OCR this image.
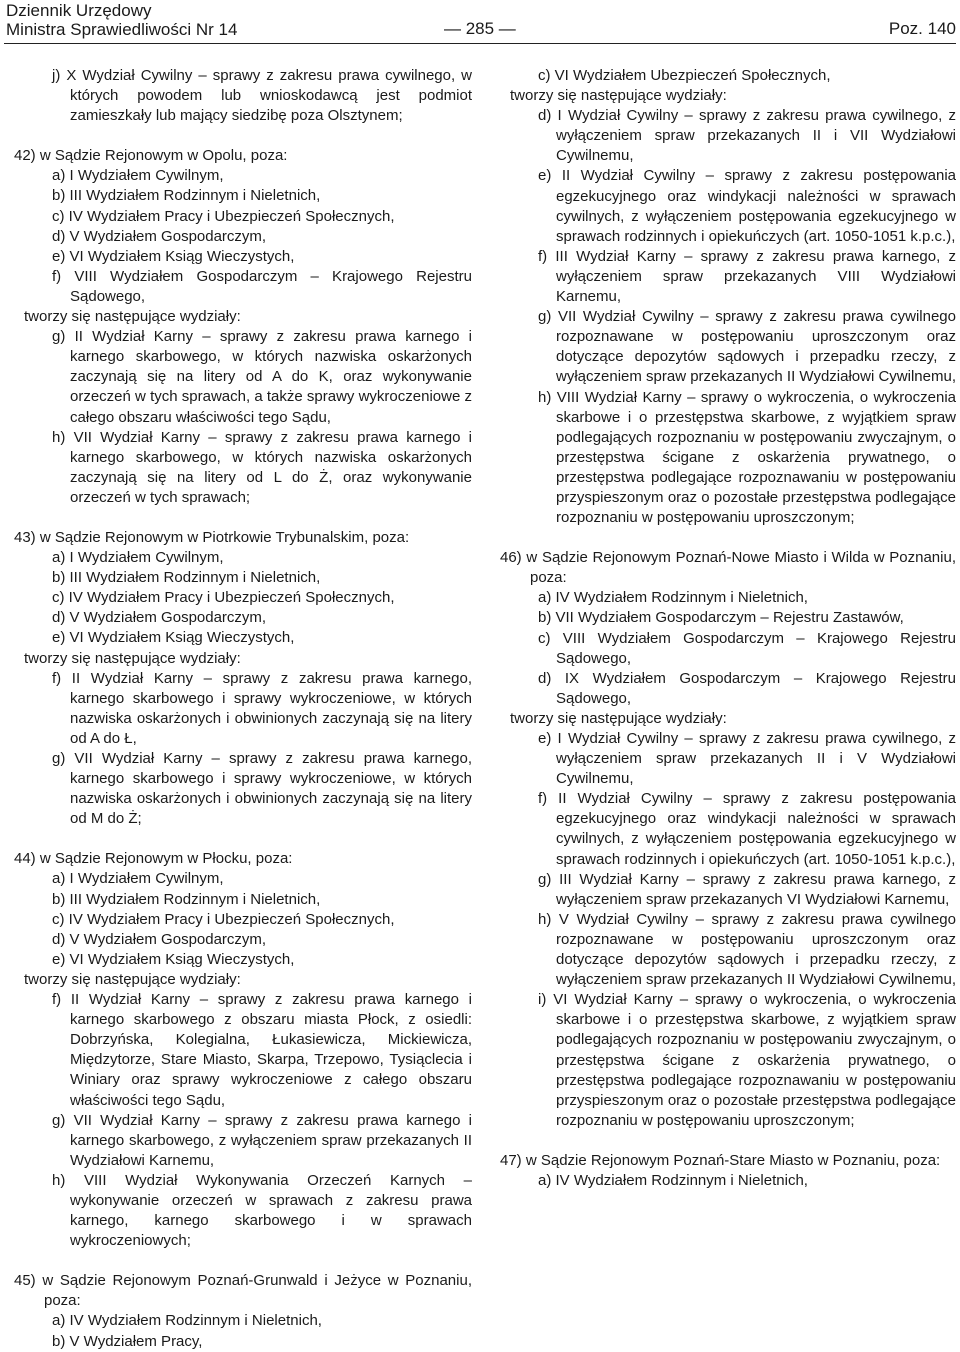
Dziennik Urzędowy
Ministra Sprawiedliwości Nr 14	— 285 —	Poz. 140

j) X Wydział Cywilny – sprawy z zakresu prawa cywilnego, w których powodem lub wnioskodawcą jest podmiot zamieszkały lub mający siedzibę poza Olsztynem;

42) w Sądzie Rejonowym w Opolu, poza:

a) I Wydziałem Cywilnym,

b) III Wydziałem Rodzinnym i Nieletnich,

c) IV Wydziałem Pracy i Ubezpieczeń Społecznych,

d) V Wydziałem Gospodarczym,

e) VI Wydziałem Ksiąg Wieczystych,

f) VIII Wydziałem Gospodarczym – Krajowego Rejestru Sądowego,

tworzy się następujące wydziały:

g) II Wydział Karny – sprawy z zakresu prawa karnego i karnego skarbowego, w których nazwiska oskarżonych zaczynają się na litery od A do K, oraz wykonywanie orzeczeń w tych sprawach, a także sprawy wykroczeniowe z całego obszaru właściwości tego Sądu,

h) VII Wydział Karny – sprawy z zakresu prawa karnego i karnego skarbowego, w których nazwiska oskarżonych zaczynają się na litery od L do Ż, oraz wykonywanie orzeczeń w tych sprawach;

43) w Sądzie Rejonowym w Piotrkowie Trybunalskim, poza:

a) I Wydziałem Cywilnym,

b) III Wydziałem Rodzinnym i Nieletnich,

c) IV Wydziałem Pracy i Ubezpieczeń Społecznych,

d) V Wydziałem Gospodarczym,

e) VI Wydziałem Ksiąg Wieczystych,

tworzy się następujące wydziały:

f) II Wydział Karny – sprawy z zakresu prawa karnego, karnego skarbowego i sprawy wykroczeniowe, w których nazwiska oskarżonych i obwinionych zaczynają się na litery od A do Ł,

g) VII Wydział Karny – sprawy z zakresu prawa karnego, karnego skarbowego i sprawy wykroczeniowe, w których nazwiska oskarżonych i obwinionych zaczynają się na litery od M do Ż;

44) w Sądzie Rejonowym w Płocku, poza:

a) I Wydziałem Cywilnym,

b) III Wydziałem Rodzinnym i Nieletnich,

c) IV Wydziałem Pracy i Ubezpieczeń Społecznych,

d) V Wydziałem Gospodarczym,

e) VI Wydziałem Ksiąg Wieczystych,

tworzy się następujące wydziały:

f) II Wydział Karny – sprawy z zakresu prawa karnego i karnego skarbowego z obszaru miasta Płock, z osiedli: Dobrzyńska, Kolegialna, Łukasiewicza, Mickiewicza, Międzytorze, Stare Miasto, Skarpa, Trzepowo, Tysiąclecia i Winiary oraz sprawy wykroczeniowe z całego obszaru właściwości tego Sądu,

g) VII Wydział Karny – sprawy z zakresu prawa karnego i karnego skarbowego, z wyłączeniem spraw przekazanych II Wydziałowi Karnemu,

h) VIII Wydział Wykonywania Orzeczeń Karnych – wykonywanie orzeczeń w sprawach z zakresu prawa karnego, karnego skarbowego i w sprawach wykroczeniowych;

45) w Sądzie Rejonowym Poznań-Grunwald i Jeżyce w Poznaniu, poza:

a) IV Wydziałem Rodzinnym i Nieletnich,

b) V Wydziałem Pracy,

c) VI Wydziałem Ubezpieczeń Społecznych,

tworzy się następujące wydziały:

d) I Wydział Cywilny – sprawy z zakresu prawa cywilnego, z wyłączeniem spraw przekazanych II i VII Wydziałowi Cywilnemu,

e) II Wydział Cywilny – sprawy z zakresu postępowania egzekucyjnego oraz windykacji należności w sprawach cywilnych, z wyłączeniem postępowania egzekucyjnego w sprawach rodzinnych i opiekuńczych (art. 1050-1051 k.p.c.),

f) III Wydział Karny – sprawy z zakresu prawa karnego, z wyłączeniem spraw przekazanych VIII Wydziałowi Karnemu,

g) VII Wydział Cywilny – sprawy z zakresu prawa cywilnego rozpoznawane w postępowaniu uproszczonym oraz dotyczące depozytów sądowych i przepadku rzeczy, z wyłączeniem spraw przekazanych II Wydziałowi Cywilnemu,

h) VIII Wydział Karny – sprawy o wykroczenia, o wykroczenia skarbowe i o przestępstwa skarbowe, z wyjątkiem spraw podlegających rozpoznaniu w postępowaniu zwyczajnym, o przestępstwa ścigane z oskarżenia prywatnego, o przestępstwa podlegające rozpoznawaniu w postępowaniu przyspieszonym oraz o pozostałe przestępstwa podlegające rozpoznaniu w postępowaniu uproszczonym;

46) w Sądzie Rejonowym Poznań-Nowe Miasto i Wilda w Poznaniu, poza:

a) IV Wydziałem Rodzinnym i Nieletnich,

b) VII Wydziałem Gospodarczym – Rejestru Zastawów,

c) VIII Wydziałem Gospodarczym – Krajowego Rejestru Sądowego,

d) IX Wydziałem Gospodarczym – Krajowego Rejestru Sądowego,

tworzy się następujące wydziały:

e) I Wydział Cywilny – sprawy z zakresu prawa cywilnego, z wyłączeniem spraw przekazanych II i V Wydziałowi Cywilnemu,

f) II Wydział Cywilny – sprawy z zakresu postępowania egzekucyjnego oraz windykacji należności w sprawach cywilnych, z wyłączeniem postępowania egzekucyjnego w sprawach rodzinnych i opiekuńczych (art. 1050-1051 k.p.c.),

g) III Wydział Karny – sprawy z zakresu prawa karnego, z wyłączeniem spraw przekazanych VI Wydziałowi Karnemu,

h) V Wydział Cywilny – sprawy z zakresu prawa cywilnego rozpoznawane w postępowaniu uproszczonym oraz dotyczące depozytów sądowych i przepadku rzeczy, z wyłączeniem spraw przekazanych II Wydziałowi Cywilnemu,

i) VI Wydział Karny – sprawy o wykroczenia, o wykroczenia skarbowe i o przestępstwa skarbowe, z wyjątkiem spraw podlegających rozpoznaniu w postępowaniu zwyczajnym, o przestępstwa ścigane z oskarżenia prywatnego, o przestępstwa podlegające rozpoznawaniu w postępowaniu przyspieszonym oraz o pozostałe przestępstwa podlegające rozpoznaniu w postępowaniu uproszczonym;

47) w Sądzie Rejonowym Poznań-Stare Miasto w Poznaniu, poza:

a) IV Wydziałem Rodzinnym i Nieletnich,
